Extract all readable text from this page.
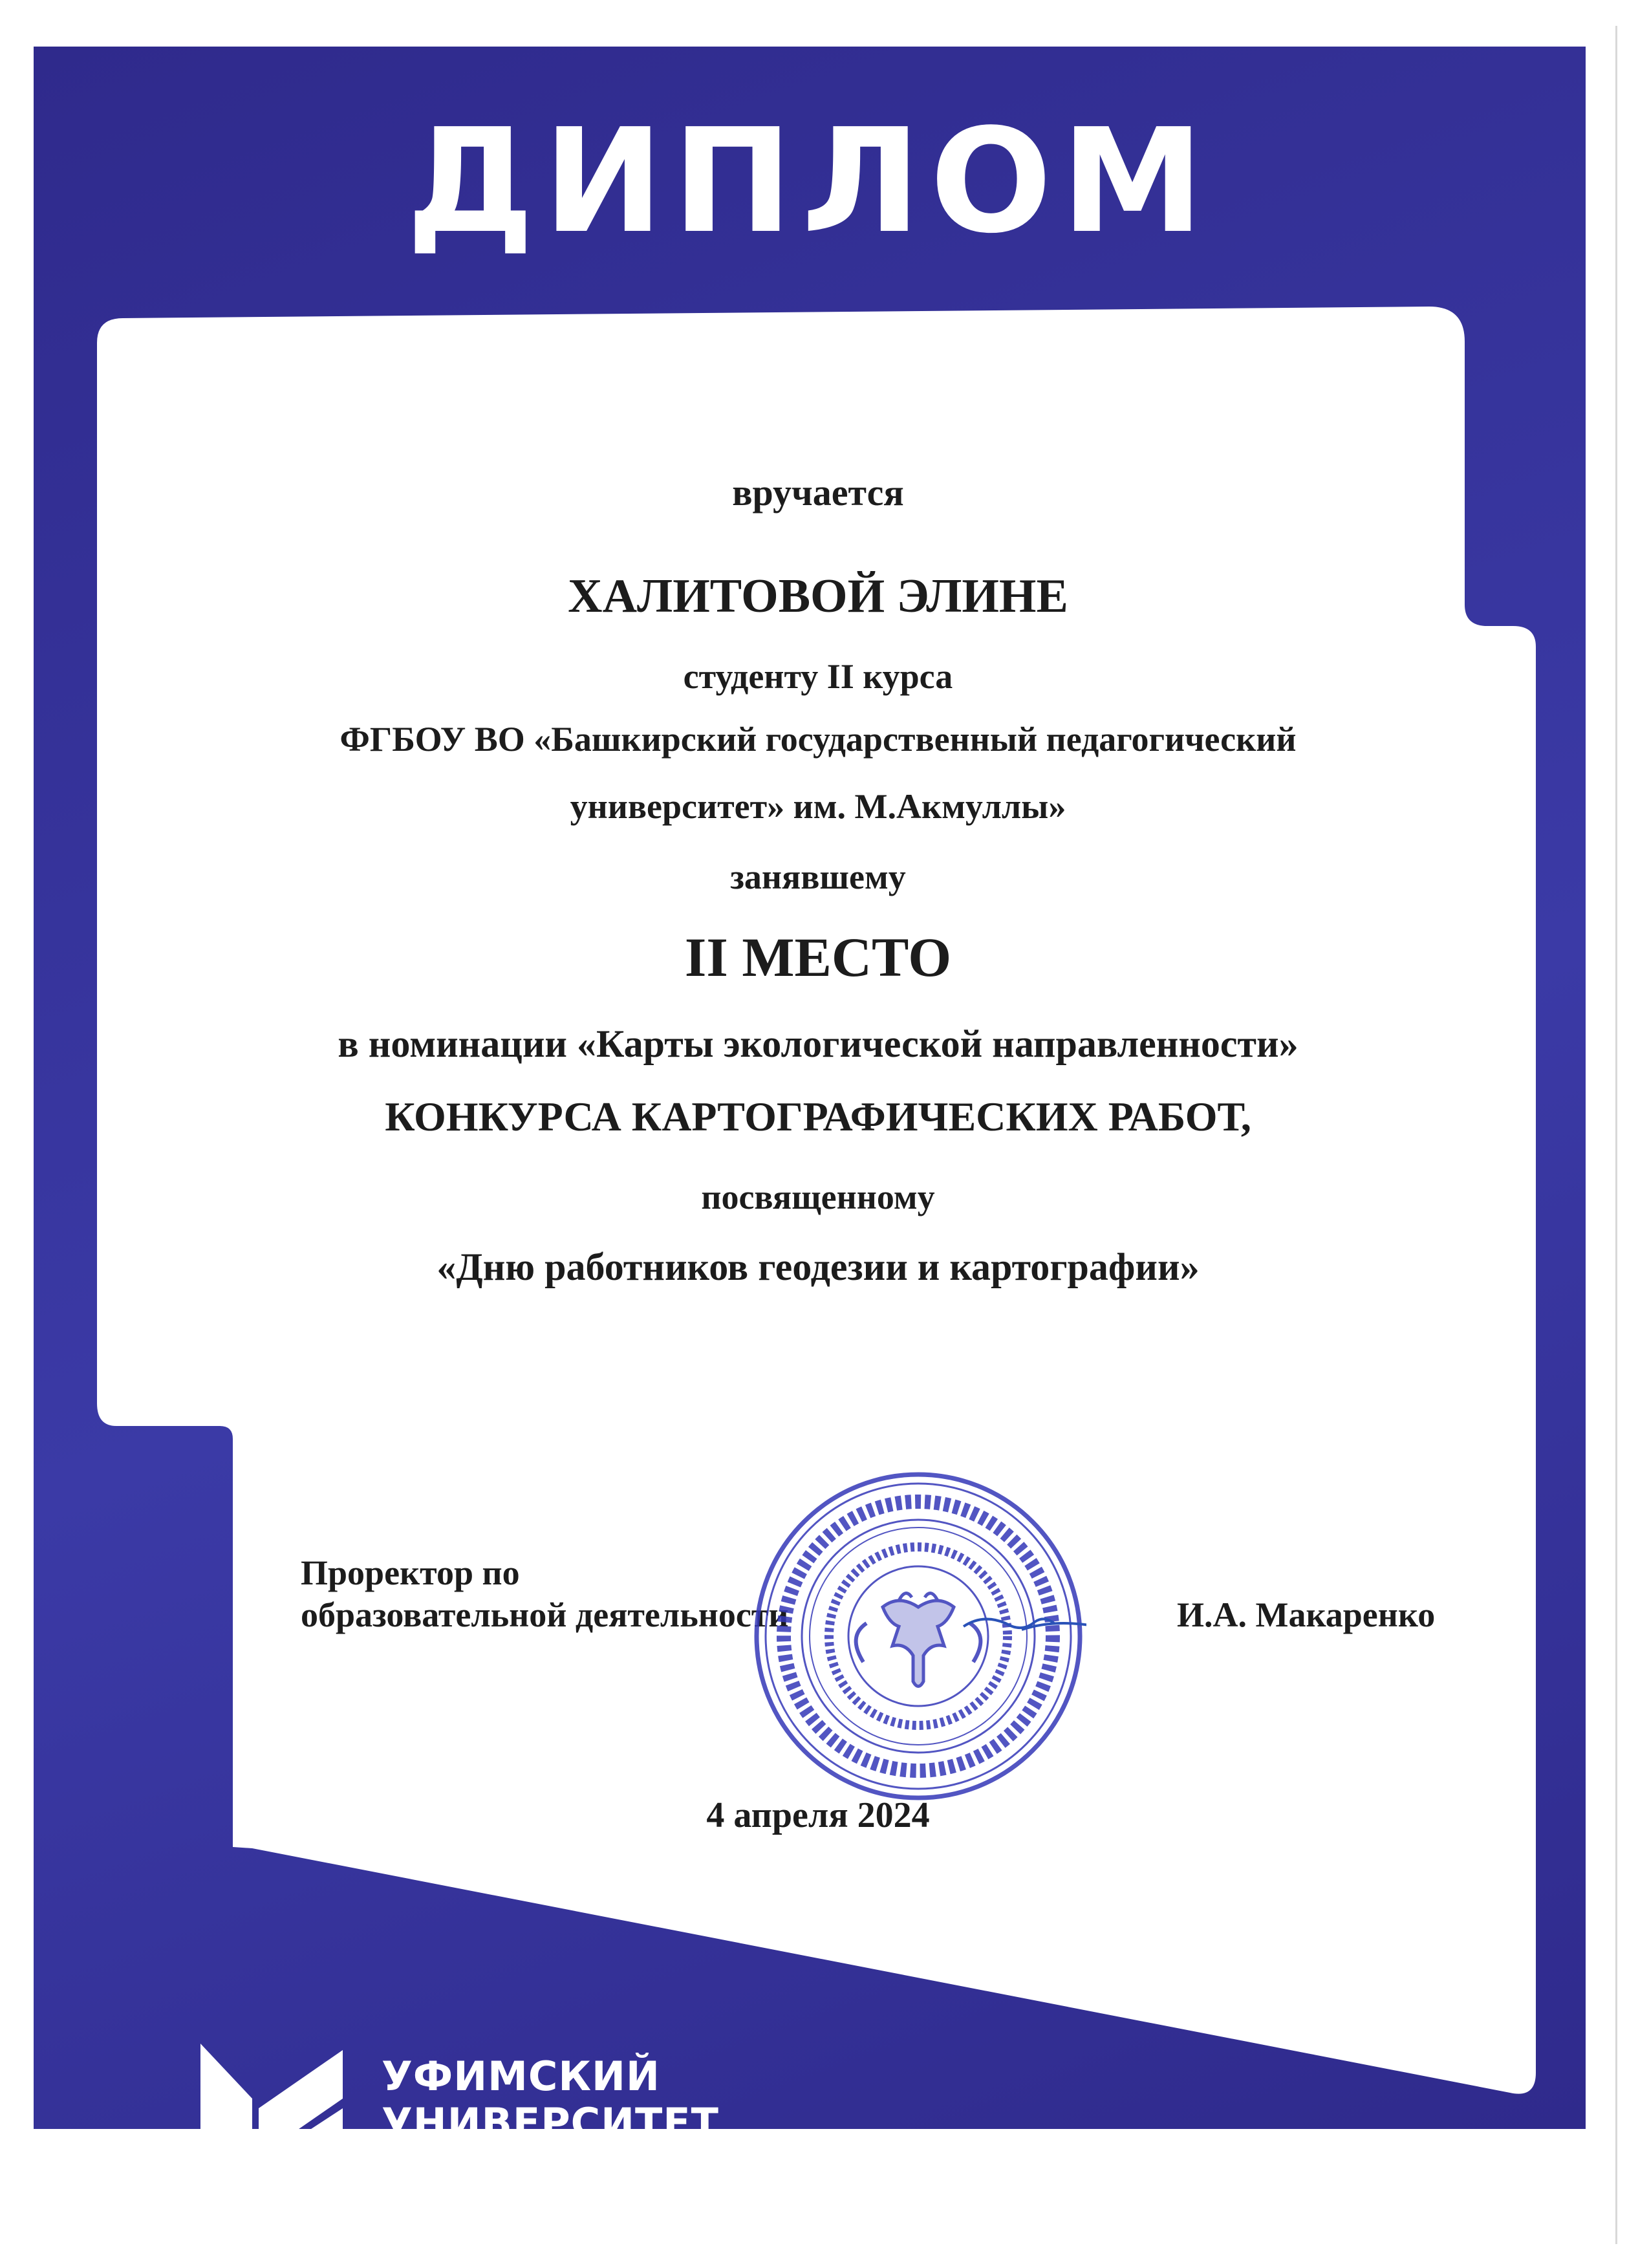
ДИПЛОМ
вручается
ХАЛИТОВОЙ ЭЛИНЕ
студенту II курса
ФГБОУ ВО «Башкирский государственный педагогический
университет» им. М.Акмуллы»
занявшему
II МЕСТО
в номинации «Карты экологической направленности»
КОНКУРСА КАРТОГРАФИЧЕСКИХ РАБОТ,
посвященному
«Дню работников геодезии и картографии»
Проректор по
образовательной деятельности	И.А. Макаренко
4 апреля 2024
УФИМСКИЙ
УНИВЕРСИТЕТ
НАУКИ И ТЕХНОЛОГИЙ
